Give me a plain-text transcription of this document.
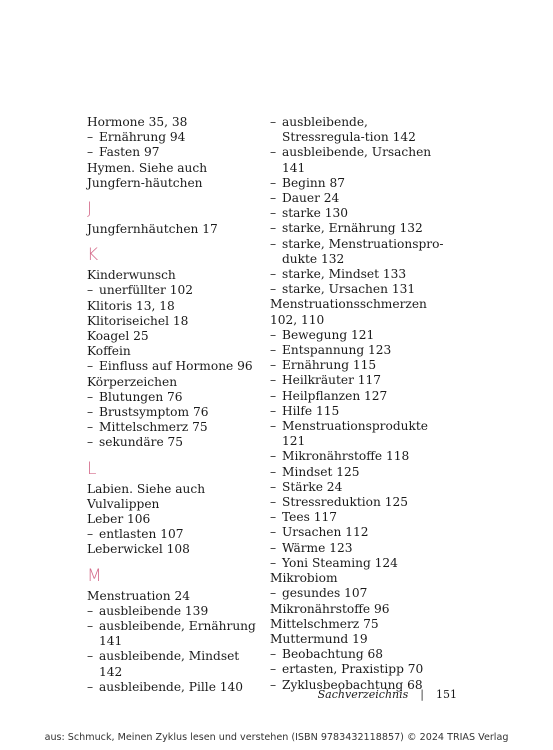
Hormone 35, 38
– Ernährung 94
– Fasten 97
Hymen. Siehe auch Jungfern-häutchen
J
Jungfernhäutchen 17
K
Kinderwunsch
– unerfüllter 102
Klitoris 13, 18
Klitoriseichel 18
Koagel 25
Koffein
– Einfluss auf Hormone 96
Körperzeichen
– Blutungen 76
– Brustsymptom 76
– Mittelschmerz 75
– sekundäre 75
L
Labien. Siehe auch Vulvalippen
Leber 106
– entlasten 107
Leberwickel 108
M
Menstruation 24
– ausbleibende 139
– ausbleibende, Ernährung 141
– ausbleibende, Mindset 142
– ausbleibende, Pille 140
– ausbleibende, Stressregula-tion 142
– ausbleibende, Ursachen 141
– Beginn 87
– Dauer 24
– starke 130
– starke, Ernährung 132
– starke, Menstruationspro-dukte 132
– starke, Mindset 133
– starke, Ursachen 131
Menstruationsschmerzen 102, 110
– Bewegung 121
– Entspannung 123
– Ernährung 115
– Heilkräuter 117
– Heilpflanzen 127
– Hilfe 115
– Menstruationsprodukte 121
– Mikronährstoffe 118
– Mindset 125
– Stärke 24
– Stressreduktion 125
– Tees 117
– Ursachen 112
– Wärme 123
– Yoni Steaming 124
Mikrobiom
– gesundes 107
Mikronährstoffe 96
Mittelschmerz 75
Muttermund 19
– Beobachtung 68
– ertasten, Praxistipp 70
– Zyklusbeobachtung 68
Sachverzeichnis | 151
aus: Schmuck, Meinen Zyklus lesen und verstehen (ISBN 9783432118857) © 2024 TRIAS Verlag
